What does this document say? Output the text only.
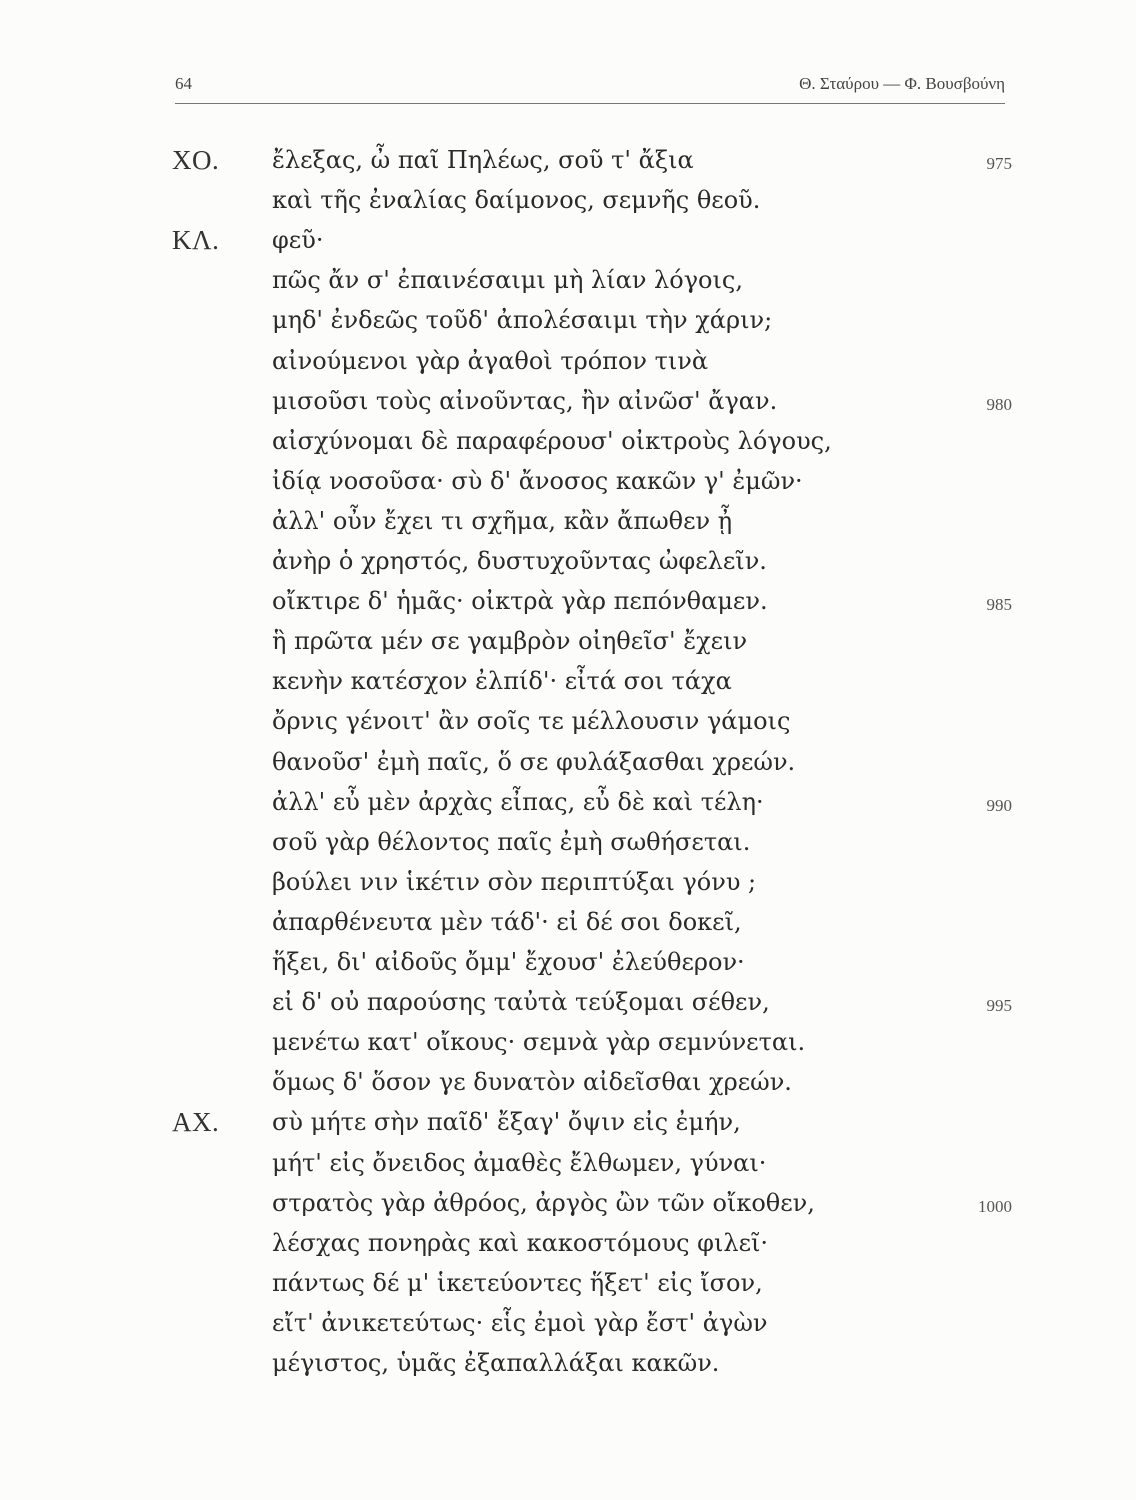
64	Θ. Σταύρου — Φ. Βουσβούνη
ΧΟ. ἔλεξας, ὦ παῖ Πηλέως, σοῦ τ' ἄξια	975
καὶ τῆς ἐναλίας δαίμονος, σεμνῆς θεοῦ.
ΚΛ. φεῦ·
πῶς ἄν σ' ἐπαινέσαιμι μὴ λίαν λόγοις,
μηδ' ἐνδεῶς τοῦδ' ἀπολέσαιμι τὴν χάριν;
αἰνούμενοι γὰρ ἀγαθοὶ τρόπον τινὰ
μισοῦσι τοὺς αἰνοῦντας, ἢν αἰνῶσ' ἄγαν.	980
αἰσχύνομαι δὲ παραφέρουσ' οἰκτροὺς λόγους,
ἰδίᾳ νοσοῦσα· σὺ δ' ἄνοσος κακῶν γ' ἐμῶν·
ἀλλ' οὖν ἔχει τι σχῆμα, κἂν ἄπωθεν ᾖ
ἀνὴρ ὁ χρηστός, δυστυχοῦντας ὠφελεῖν.
οἴκτιρε δ' ἡμᾶς· οἰκτρὰ γὰρ πεπόνθαμεν.	985
ἣ πρῶτα μέν σε γαμβρὸν οἰηθεῖσ' ἔχειν
κενὴν κατέσχον ἐλπίδ'· εἶτά σοι τάχα
ὄρνις γένοιτ' ἂν σοῖς τε μέλλουσιν γάμοις
θανοῦσ' ἐμὴ παῖς, ὅ σε φυλάξασθαι χρεών.
ἀλλ' εὖ μὲν ἀρχὰς εἶπας, εὖ δὲ καὶ τέλη·	990
σοῦ γὰρ θέλοντος παῖς ἐμὴ σωθήσεται.
βούλει νιν ἱκέτιν σὸν περιπτύξαι γόνυ ;
ἀπαρθένευτα μὲν τάδ'· εἰ δέ σοι δοκεῖ,
ἥξει, δι' αἰδοῦς ὄμμ' ἔχουσ' ἐλεύθερον·
εἰ δ' οὐ παρούσης ταὐτὰ τεύξομαι σέθεν,	995
μενέτω κατ' οἴκους· σεμνὰ γὰρ σεμνύνεται.
ὅμως δ' ὅσον γε δυνατὸν αἰδεῖσθαι χρεών.
ΑΧ. σὺ μήτε σὴν παῖδ' ἔξαγ' ὄψιν εἰς ἐμήν,
μήτ' εἰς ὄνειδος ἀμαθὲς ἔλθωμεν, γύναι·
στρατὸς γὰρ ἀθρόος, ἀργὸς ὢν τῶν οἴκοθεν,	1000
λέσχας πονηρὰς καὶ κακοστόμους φιλεῖ·
πάντως δέ μ' ἱκετεύοντες ἥξετ' εἰς ἴσον,
εἴτ' ἀνικετεύτως· εἷς ἐμοὶ γὰρ ἔστ' ἀγὼν
μέγιστος, ὑμᾶς ἐξαπαλλάξαι κακῶν.
